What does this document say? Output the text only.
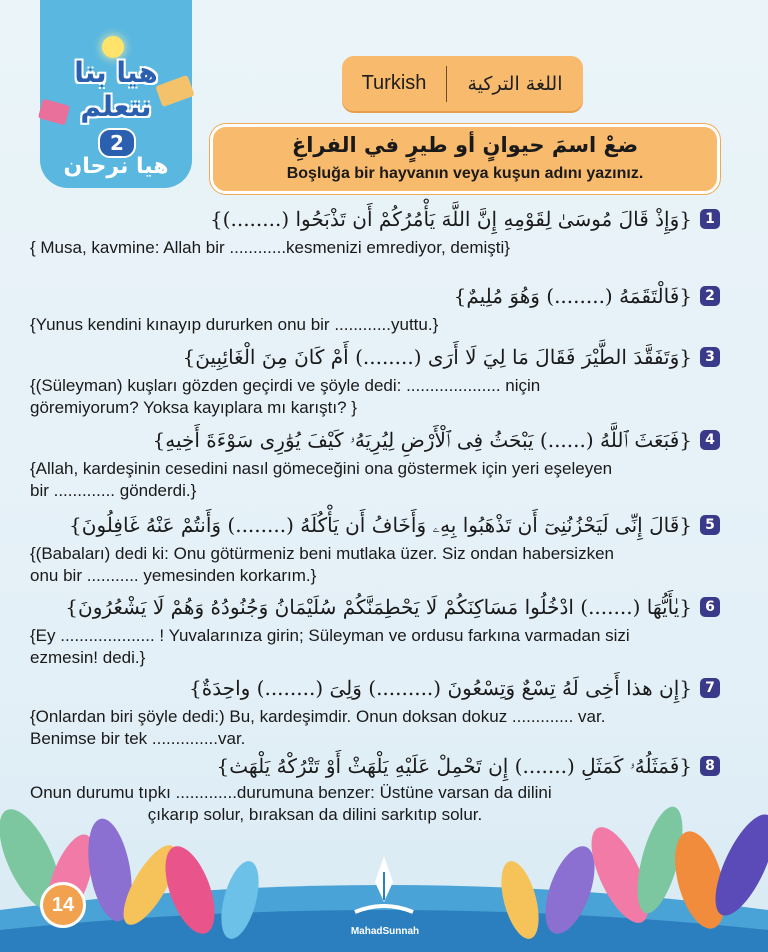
هيا بنا
نتعلم
2
هيا نرحان
Turkish	اللغة التركية
ضعْ اسمَ حيوانٍ أو طيرٍ في الفراغِ
Boşluğa bir hayvanın veya kuşun adını yazınız.
1
{وَإِذْ قَالَ مُوسَىٰ لِقَوْمِهِ إِنَّ اللَّهَ يَأْمُرُكُمْ أَن تَذْبَحُوا (........)}
{ Musa, kavmine: Allah bir ............kesmenizi emrediyor, demişti}
2
{فَالْتَقَمَهُ (........) وَهُوَ مُلِيمٌ}
{Yunus kendini kınayıp dururken onu bir ............yuttu.}
3
{وَتَفَقَّدَ الطَّيْرَ فَقَالَ مَا لِيَ لَا أَرَى (........) أَمْ كَانَ مِنَ الْغَائِبِينَ}
{(Süleyman) kuşları gözden geçirdi ve şöyle dedi: .................... niçin
göremiyorum? Yoksa kayıplara mı karıştı? }
4
{فَبَعَثَ ٱللَّهُ (......) يَبْحَثُ فِى ٱلْأَرْضِ لِيُرِيَهُۥ كَيْفَ يُوَٰرِى سَوْءَةَ أَخِيهِ}
{Allah, kardeşinin cesedini nasıl gömeceğini ona göstermek için yeri eşeleyen
bir ............. gönderdi.}
5
{قَالَ إِنِّى لَيَحْزُنُنِىٓ أَن تَذْهَبُوا بِهِۦ وَأَخَافُ أَن يَأْكُلَهُ (........) وَأَنتُمْ عَنْهُ غَافِلُونَ}
{(Babaları) dedi ki: Onu götürmeniz beni mutlaka üzer. Siz ondan habersizken
onu bir ........... yemesinden korkarım.}
6
{يٰأَيُّهَا (.......) ادْخُلُوا مَسَاكِنَكُمْ لَا يَحْطِمَنَّكُمْ سُلَيْمَانُ وَجُنُودُهُ وَهُمْ لَا يَشْعُرُونَ}
{Ey .................... ! Yuvalarınıza girin; Süleyman ve ordusu farkına varmadan sizi
ezmesin! dedi.}
7
{إِن هذا أَخِى لَهُ تِسْعٌ وَتِسْعُونَ (.........) وَلِىَ (........) واحِدَةٌ}
{Onlardan biri şöyle dedi:) Bu, kardeşimdir. Onun doksan dokuz ............. var.
Benimse bir tek ..............var.
8
{فَمَثَلُهُۥ كَمَثَلِ (.......) إِن تَحْمِلْ عَلَيْهِ يَلْهَثْ أَوْ تَتْرُكْهُ يَلْهَث}
Onun durumu tıpkı .............durumuna benzer: Üstüne varsan da dilini
çıkarıp solur, bıraksan da dilini sarkıtıp solur.
14
MahadSunnah
